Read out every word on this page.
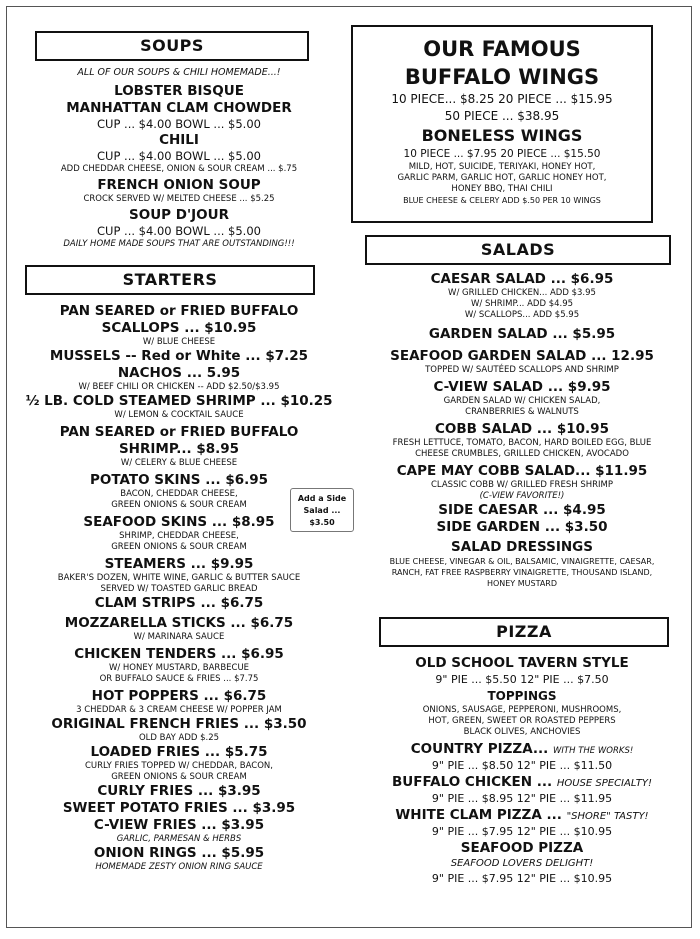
SOUPS
ALL OF OUR SOUPS & CHILI HOMEMADE...!
LOBSTER BISQUE
MANHATTAN CLAM CHOWDER
CUP ... $4.00 BOWL ... $5.00
CHILI
CUP ... $4.00 BOWL ... $5.00
ADD CHEDDAR CHEESE, ONION & SOUR CREAM ... $.75
FRENCH ONION SOUP
CROCK SERVED W/ MELTED CHEESE ... $5.25
SOUP D'JOUR
CUP ... $4.00 BOWL ... $5.00
DAILY HOME MADE SOUPS THAT ARE OUTSTANDING!!!
STARTERS
PAN SEARED or FRIED BUFFALO
SCALLOPS ... $10.95
W/ BLUE CHEESE
MUSSELS -- Red or White ... $7.25
NACHOS ... 5.95
W/ BEEF CHILI OR CHICKEN -- ADD $2.50/$3.95
½ LB. COLD STEAMED SHRIMP ... $10.25
W/ LEMON & COCKTAIL SAUCE
PAN SEARED or FRIED BUFFALO
SHRIMP... $8.95
W/ CELERY & BLUE CHEESE
POTATO SKINS ... $6.95
BACON, CHEDDAR CHEESE,
GREEN ONIONS & SOUR CREAM
SEAFOOD SKINS ... $8.95
SHRIMP, CHEDDAR CHEESE,
GREEN ONIONS & SOUR CREAM
STEAMERS ... $9.95
BAKER'S DOZEN, WHITE WINE, GARLIC & BUTTER SAUCE
SERVED W/ TOASTED GARLIC BREAD
CLAM STRIPS ... $6.75
MOZZARELLA STICKS ... $6.75
W/ MARINARA SAUCE
CHICKEN TENDERS ... $6.95
W/ HONEY MUSTARD, BARBECUE
OR BUFFALO SAUCE & FRIES ... $7.75
HOT POPPERS ... $6.75
3 CHEDDAR & 3 CREAM CHEESE W/ POPPER JAM
ORIGINAL FRENCH FRIES ... $3.50
OLD BAY ADD $.25
LOADED FRIES ... $5.75
CURLY FRIES TOPPED W/ CHEDDAR, BACON,
GREEN ONIONS & SOUR CREAM
CURLY FRIES ... $3.95
SWEET POTATO FRIES ... $3.95
C-VIEW FRIES ... $3.95
GARLIC, PARMESAN & HERBS
ONION RINGS ... $5.95
HOMEMADE ZESTY ONION RING SAUCE
Add a Side
Salad ...
$3.50
OUR FAMOUS
BUFFALO WINGS
10 PIECE... $8.25 20 PIECE ... $15.95
50 PIECE ... $38.95
BONELESS WINGS
10 PIECE ... $7.95 20 PIECE ... $15.50
MILD, HOT, SUICIDE, TERIYAKI, HONEY HOT,
GARLIC PARM, GARLIC HOT, GARLIC HONEY HOT,
HONEY BBQ, THAI CHILI
BLUE CHEESE & CELERY ADD $.50 PER 10 WINGS
SALADS
CAESAR SALAD ... $6.95
W/ GRILLED CHICKEN... ADD $3.95
W/ SHRIMP... ADD $4.95
W/ SCALLOPS... ADD $5.95
GARDEN SALAD ... $5.95
SEAFOOD GARDEN SALAD ... 12.95
TOPPED W/ SAUTÉED SCALLOPS AND SHRIMP
C-VIEW SALAD ... $9.95
GARDEN SALAD W/ CHICKEN SALAD,
CRANBERRIES & WALNUTS
COBB SALAD ... $10.95
FRESH LETTUCE, TOMATO, BACON, HARD BOILED EGG, BLUE
CHEESE CRUMBLES, GRILLED CHICKEN, AVOCADO
CAPE MAY COBB SALAD... $11.95
CLASSIC COBB W/ GRILLED FRESH SHRIMP
(C-VIEW FAVORITE!)
SIDE CAESAR ... $4.95
SIDE GARDEN ... $3.50
SALAD DRESSINGS
BLUE CHEESE, VINEGAR & OIL, BALSAMIC, VINAIGRETTE, CAESAR,
RANCH, FAT FREE RASPBERRY VINAIGRETTE, THOUSAND ISLAND,
HONEY MUSTARD
PIZZA
OLD SCHOOL TAVERN STYLE
9" PIE ... $5.50 12" PIE ... $7.50
TOPPINGS
ONIONS, SAUSAGE, PEPPERONI, MUSHROOMS,
HOT, GREEN, SWEET OR ROASTED PEPPERS
BLACK OLIVES, ANCHOVIES
COUNTRY PIZZA... WITH THE WORKS!
9" PIE ... $8.50 12" PIE ... $11.50
BUFFALO CHICKEN ... HOUSE SPECIALTY!
9" PIE ... $8.95 12" PIE ... $11.95
WHITE CLAM PIZZA ... "SHORE" TASTY!
9" PIE ... $7.95 12" PIE ... $10.95
SEAFOOD PIZZA
SEAFOOD LOVERS DELIGHT!
9" PIE ... $7.95 12" PIE ... $10.95
